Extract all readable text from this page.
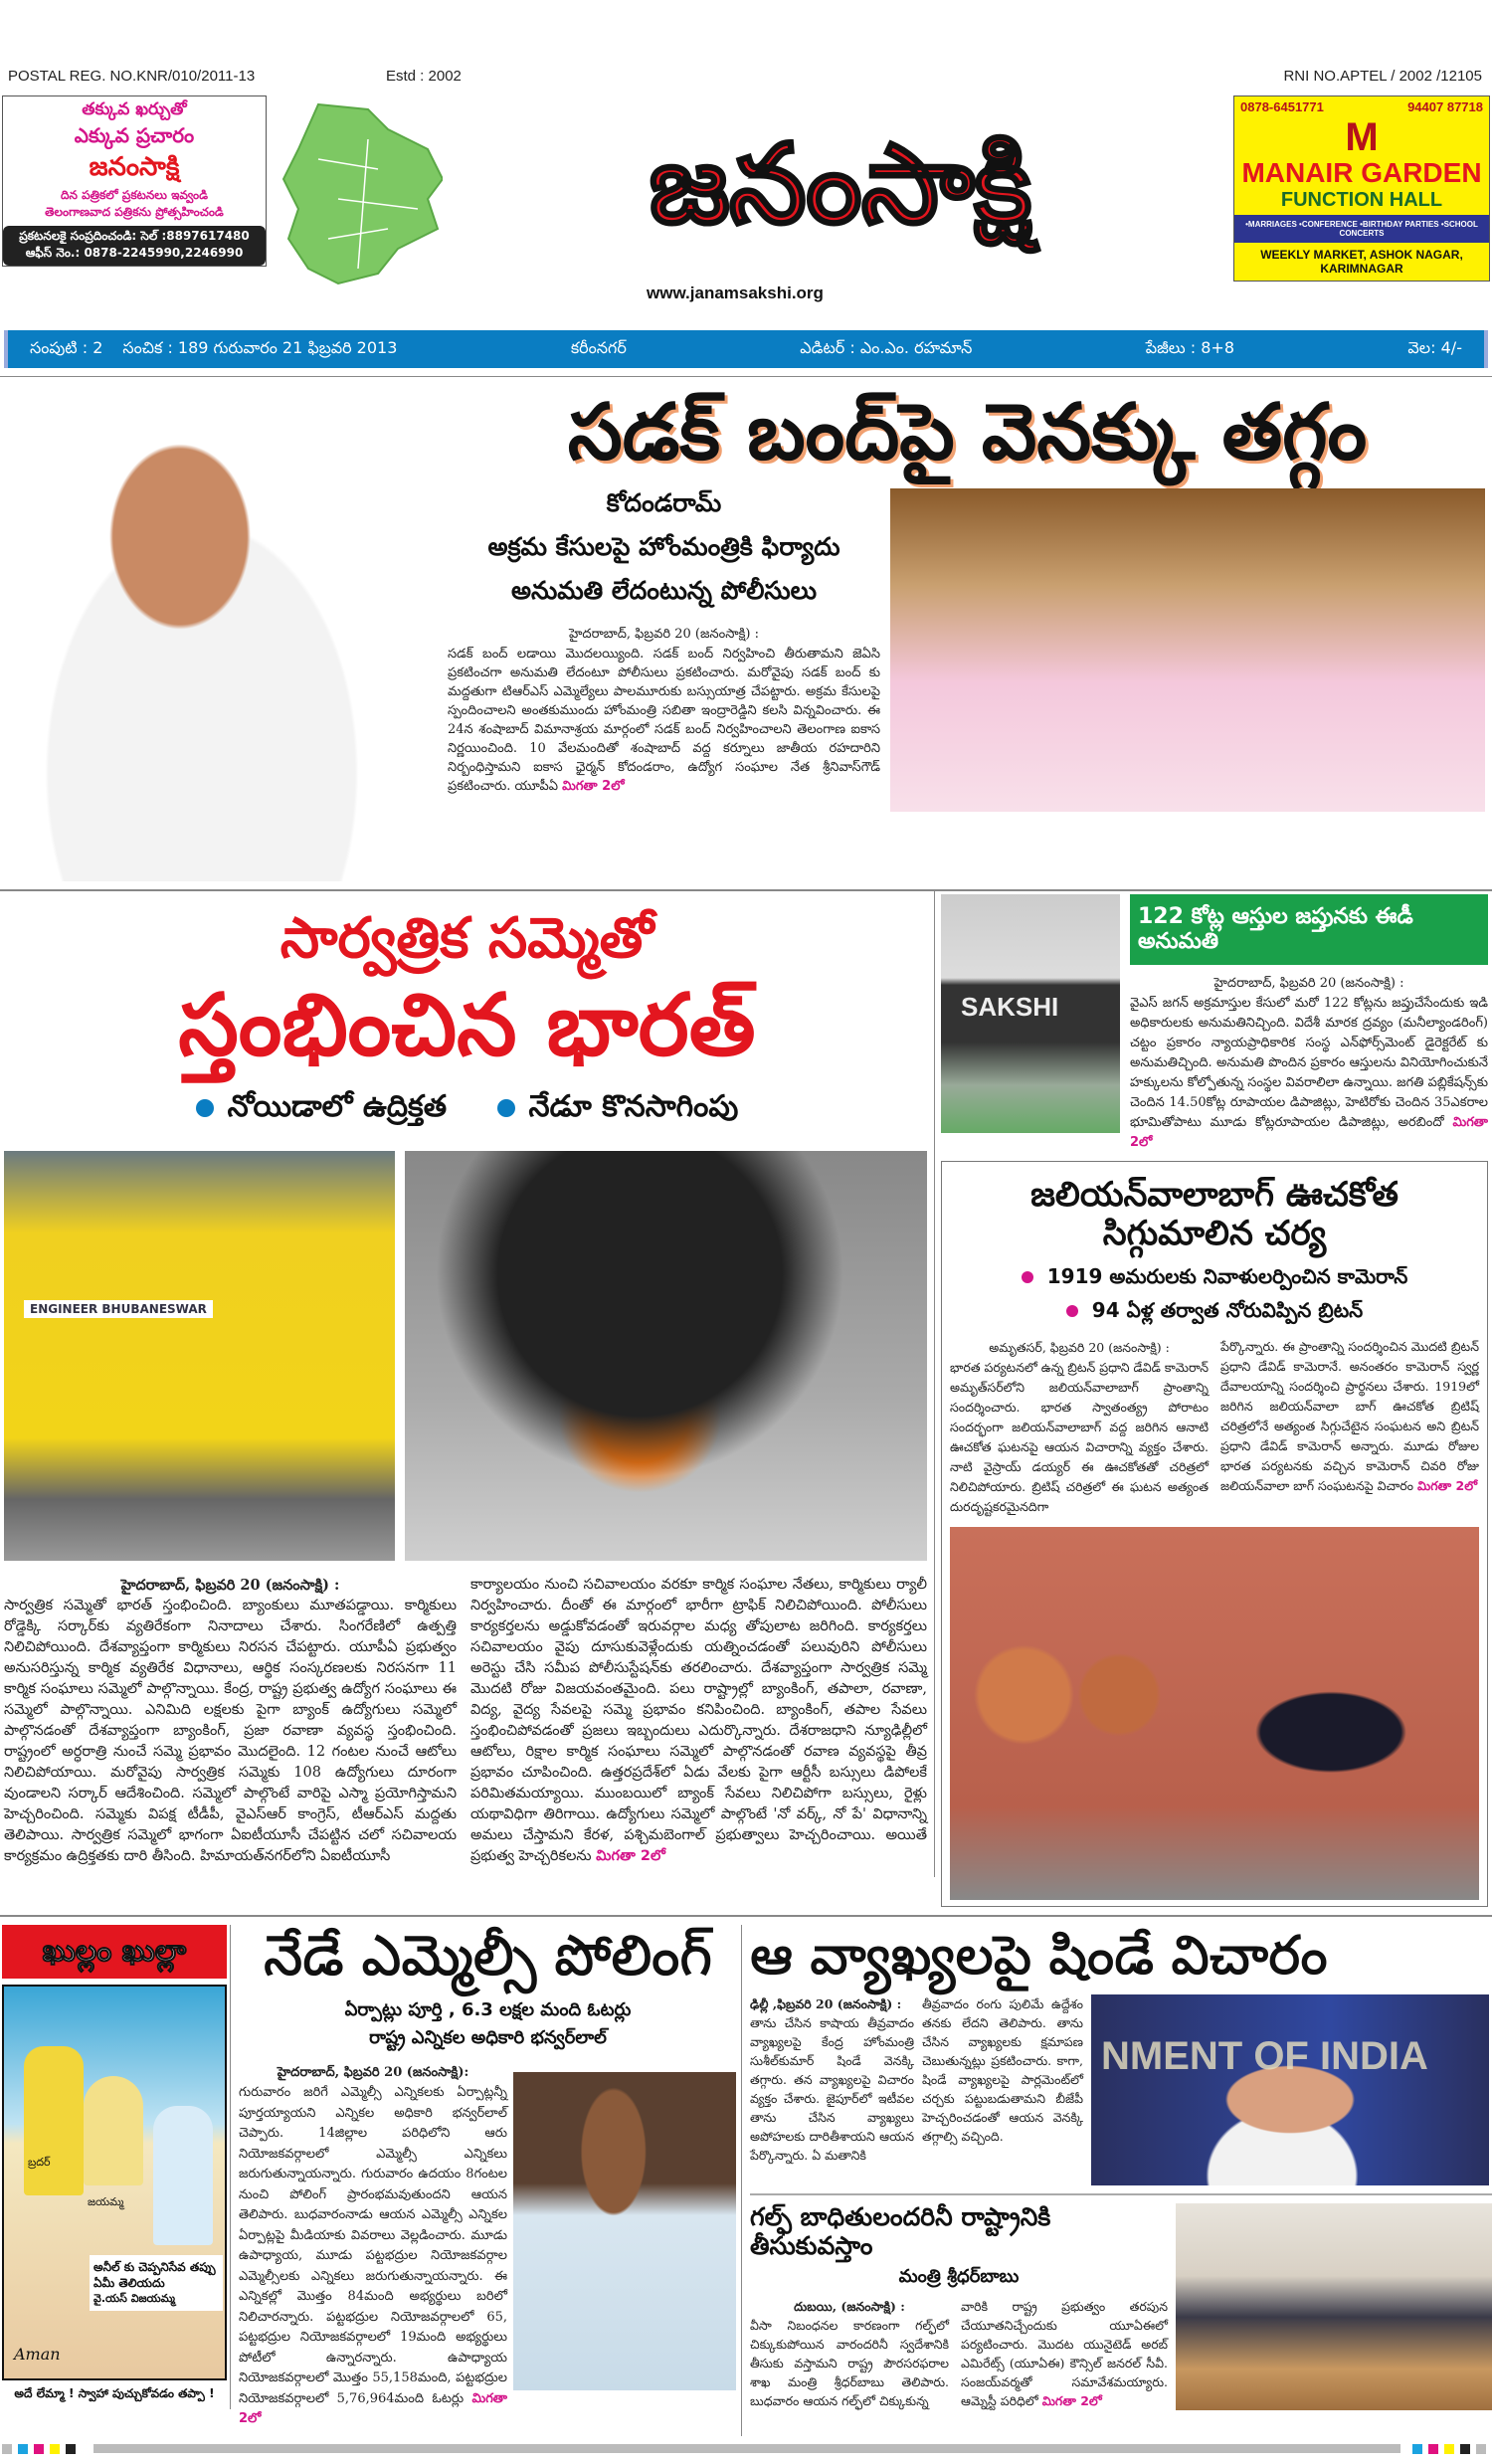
POSTAL REG. NO.KNR/010/2011-13	Estd : 2002	RNI NO.APTEL / 2002 /12105
తక్కువ ఖర్చుతో
ఎక్కువ ప్రచారం
జనంసాక్షి
దిన పత్రికలో ప్రకటనలు ఇవ్వండి
తెలంగాణవాద పత్రికను ప్రోత్సహించండి
ప్రకటనలకై సంప్రదించండి: సెల్ :8897617480
ఆఫీస్ నెం.: 0878-2245990,2246990
జనంసాక్షి
www.janamsakshi.org
0878-6451771	94407 87718
M
MANAIR GARDEN
FUNCTION HALL
•MARRIAGES •CONFERENCE •BIRTHDAY PARTIES •SCHOOL CONCERTS
WEEKLY MARKET, ASHOK NAGAR, KARIMNAGAR
సంపుటి : 2 సంచిక : 189 గురువారం 21 ఫిబ్రవరి 2013	కరీంనగర్	ఎడిటర్ : ఎం.ఎం. రహమాన్	పేజీలు : 8+8	వెల: 4/-
సడక్ బంద్‌పై వెనక్కు తగ్గం
కోదండరామ్
అక్రమ కేసులపై హోంమంత్రికి ఫిర్యాదు
అనుమతి లేదంటున్న పోలీసులు
హైదరాబాద్, ఫిబ్రవరి 20 (జనంసాక్షి) :
సడక్ బంద్ లడాయి మొదలయ్యింది. సడక్ బంద్ నిర్వహించి తీరుతామని జెఏసి ప్రకటించగా అనుమతి లేదంటూ పోలీసులు ప్రకటించారు. మరోవైపు సడక్ బంద్ కు మద్దతుగా టిఆర్ఎస్ ఎమ్మెల్యేలు పాలమూరుకు బస్సుయాత్ర చేపట్టారు. అక్రమ కేసులపై స్పందించాలని అంతకుముందు హోంమంత్రి సబితా ఇంద్రారెడ్డిని కలసి విన్నవించారు. ఈ 24న శంషాబాద్ విమానాశ్రయ మార్గంలో సడక్ బంద్ నిర్వహించాలని తెలంగాణ ఐకాస నిర్ణయించింది. 10 వేలమందితో శంషాబాద్ వద్ద కర్నూలు జాతీయ రహదారిని నిర్బంధిస్తామని ఐకాస ఛైర్మన్ కోదండరాం, ఉద్యోగ సంఘాల నేత శ్రీనివాస్‌గౌడ్ ప్రకటించారు. యూపీఏ మిగతా 2లో
సార్వత్రిక సమ్మెతో
స్తంభించిన భారత్
నోయిడాలో ఉద్రిక్తత	నేడూ కొనసాగింపు
ENGINEER BHUBANESWAR
హైదరాబాద్, ఫిబ్రవరి 20 (జనంసాక్షి) :
సార్వత్రిక సమ్మెతో భారత్ స్తంభించింది. బ్యాంకులు మూతపడ్డాయి. కార్మికులు రోడ్డెక్కి సర్కార్‌కు వ్యతిరేకంగా నినాదాలు చేశారు. సింగరేణిలో ఉత్పత్తి నిలిచిపోయింది. దేశవ్యాప్తంగా కార్మికులు నిరసన చేపట్టారు. యూపీఏ ప్రభుత్వం అనుసరిస్తున్న కార్మిక వ్యతిరేక విధానాలు, ఆర్థిక సంస్కరణలకు నిరసనగా 11 కార్మిక సంఘాలు సమ్మెలో పాల్గొన్నాయి. కేంద్ర, రాష్ట్ర ప్రభుత్వ ఉద్యోగ సంఘాలు ఈ సమ్మెలో పాల్గొన్నాయి. ఎనిమిది లక్షలకు పైగా బ్యాంక్ ఉద్యోగులు సమ్మెలో పాల్గొనడంతో దేశవ్యాప్తంగా బ్యాంకింగ్, ప్రజా రవాణా వ్యవస్థ స్తంభించింది. రాష్ట్రంలో అర్ధరాత్రి నుంచే సమ్మె ప్రభావం మొదలైంది. 12 గంటల నుంచే ఆటోలు నిలిచిపోయాయి. మరోవైపు సార్వత్రిక సమ్మెకు 108 ఉద్యోగులు దూరంగా వుండాలని సర్కార్ ఆదేశించింది. సమ్మెలో పాల్గొంటే వారిపై ఎస్మా ప్రయోగిస్తామని హెచ్చరించింది. సమ్మెకు విపక్ష టీడీపీ, వైఎస్ఆర్ కాంగ్రెస్, టీఆర్ఎస్ మద్దతు తెలిపాయి. సార్వత్రిక సమ్మెలో భాగంగా ఏఐటీయూసీ చేపట్టిన చలో సచివాలయ కార్యక్రమం ఉద్రిక్తతకు దారి తీసింది. హిమాయత్‌నగర్‌లోని ఏఐటీయూసీ
కార్యాలయం నుంచి సచివాలయం వరకూ కార్మిక సంఘాల నేతలు, కార్మికులు ర్యాలీ నిర్వహించారు. దీంతో ఈ మార్గంలో భారీగా ట్రాఫిక్ నిలిచిపోయింది. పోలీసులు కార్యకర్తలను అడ్డుకోవడంతో ఇరువర్గాల మధ్య తోపులాట జరిగింది. కార్యకర్తలు సచివాలయం వైపు దూసుకువెళ్లేందుకు యత్నించడంతో పలువురిని పోలీసులు అరెస్టు చేసి సమీప పోలీసుస్టేషన్‌కు తరలించారు. దేశవ్యాప్తంగా సార్వత్రిక సమ్మె మొదటి రోజు విజయవంతమైంది. పలు రాష్ట్రాల్లో బ్యాంకింగ్, తపాలా, రవాణా, విద్య, వైద్య సేవలపై సమ్మె ప్రభావం కనిపించింది. బ్యాంకింగ్, తపాల సేవలు స్తంభించిపోవడంతో ప్రజలు ఇబ్బందులు ఎదుర్కొన్నారు. దేశరాజధాని న్యూఢిల్లీలో ఆటోలు, రిక్షాల కార్మిక సంఘాలు సమ్మెలో పాల్గొనడంతో రవాణ వ్యవస్థపై తీవ్ర ప్రభావం చూపించింది. ఉత్తరప్రదేశ్‌లో ఏడు వేలకు పైగా ఆర్టీసీ బస్సులు డిపోలకే పరిమితమయ్యాయి. ముంబయిలో బ్యాంక్ సేవలు నిలిచిపోగా బస్సులు, రైళ్లు యథావిధిగా తిరిగాయి. ఉద్యోగులు సమ్మెలో పాల్గొంటే 'నో వర్క్, నో పే' విధానాన్ని అమలు చేస్తామని కేరళ, పశ్చిమబెంగాల్ ప్రభుత్వాలు హెచ్చరించాయి. అయితే ప్రభుత్వ హెచ్చరికలను మిగతా 2లో
SAKSHI
122 కోట్ల ఆస్తుల జప్తునకు ఈడీ అనుమతి
హైదరాబాద్, ఫిబ్రవరి 20 (జనంసాక్షి) :
వైఎస్ జగన్ అక్రమాస్తుల కేసులో మరో 122 కోట్లను జప్తుచేసేందుకు ఇడి అధికారులకు అనుమతినిచ్చింది. విదేశీ మారక ద్రవ్యం (మనీల్యాండరింగ్) చట్టం ప్రకారం న్యాయప్రాధికారిక సంస్థ ఎన్‌ఫోర్స్‌మెంట్ డైరెక్టరేట్ కు అనుమతిచ్చింది. అనుమతి పొందిన ప్రకారం ఆస్తులను వినియోగించుకునే హక్కులను కోల్పోతున్న సంస్థల వివరాలిలా ఉన్నాయి. జగతి పబ్లికేషన్స్‌కు చెందిన 14.50కోట్ల రూపాయల డిపాజిట్లు, హెటిరోకు చెందిన 35ఎకరాల భూమితోపాటు మూడు కోట్లరూపాయల డిపాజిట్లు, అరబిందో మిగతా 2లో
జలియన్‌వాలాబాగ్ ఊచకోత సిగ్గుమాలిన చర్య
1919 అమరులకు నివాళులర్పించిన కామెరాన్
94 ఏళ్ల తర్వాత నోరువిప్పిన బ్రిటన్
అమృతసర్, ఫిబ్రవరి 20 (జనంసాక్షి) :
భారత పర్యటనలో ఉన్న బ్రిటన్ ప్రధాని డేవిడ్ కామెరాన్ అమృత్‌సర్‌లోని జలియన్‌వాలాబాగ్ ప్రాంతాన్ని సందర్శించారు. భారత స్వాతంత్య్ర పోరాటం సందర్భంగా జలియన్‌వాలాబాగ్ వద్ద జరిగిన ఆనాటి ఊచకోత ఘటనపై ఆయన విచారాన్ని వ్యక్తం చేశారు. నాటి వైస్రాయ్ డయ్యర్ ఈ ఊచకోతతో చరిత్రలో నిలిచిపోయారు. బ్రిటిష్ చరిత్రలో ఈ ఘటన అత్యంత దురదృష్టకరమైనదిగా
పేర్కొన్నారు. ఈ ప్రాంతాన్ని సందర్శించిన మొదటి బ్రిటన్ ప్రధాని డేవిడ్ కామెరానే. అనంతరం కామెరాన్ స్వర్ణ దేవాలయాన్ని సందర్శించి ప్రార్థనలు చేశారు. 1919లో జరిగిన జలియన్‌వాలా బాగ్ ఊచకోత బ్రిటిష్ చరిత్రలోనే అత్యంత సిగ్గుచేటైన సంఘటన అని బ్రిటన్ ప్రధాని డేవిడ్ కామెరాన్ అన్నారు. మూడు రోజుల భారత పర్యటనకు వచ్చిన కామెరాన్ చివరి రోజు జలియన్‌వాలా బాగ్ సంఘటనపై విచారం మిగతా 2లో
ఖుల్లం ఖుల్లా
బ్రదర్
జయమ్మ
అనీల్ కు చెప్పనిసేవ తప్పు ఏమీ తెలియదు
వై.యస్ విజయమ్మ
Aman
అదే లేమ్మా ! స్వాహా పుచ్చుకోవడం తప్పా !
నేడే ఎమ్మెల్సీ పోలింగ్
ఏర్పాట్లు పూర్తి , 6.3 లక్షల మంది ఓటర్లు
రాష్ట్ర ఎన్నికల అధికారి భన్వర్‌లాల్
హైదరాబాద్, ఫిబ్రవరి 20 (జనంసాక్షి):
గురువారం జరిగే ఎమ్మెల్సీ ఎన్నికలకు ఏర్పాట్లన్నీ పూర్తయ్యాయని ఎన్నికల అధికారి భన్వర్‌లాల్ చెప్పారు. 14జిల్లాల పరిధిలోని ఆరు నియోజకవర్గాలలో ఎమ్మెల్సీ ఎన్నికలు జరుగుతున్నాయన్నారు. గురువారం ఉదయం 8గంటల నుంచి పోలింగ్ ప్రారంభమవుతుందని ఆయన తెలిపారు. బుధవారంనాడు ఆయన ఎమ్మెల్సీ ఎన్నికల ఏర్పాట్లపై మీడియాకు వివరాలు వెల్లడించారు. మూడు ఉపాధ్యాయ, మూడు పట్టభద్రుల నియోజకవర్గాల ఎమ్మెల్సీలకు ఎన్నికలు జరుగుతున్నాయన్నారు. ఈ ఎన్నికల్లో మొత్తం 84మంది అభ్యర్థులు బరిలో నిలిచారన్నారు. పట్టభద్రుల నియోజవర్గాలలో 65, పట్టభద్రుల నియోజకవర్గాలలో 19మంది అభ్యర్థులు పోటీలో ఉన్నారన్నారు. ఉపాధ్యాయ నియోజకవర్గాలలో మొత్తం 55,158మంది, పట్టభద్రుల నియోజకవర్గాలలో 5,76,964మంది ఓటర్లు మిగతా 2లో
ఆ వ్యాఖ్యలపై షిండే విచారం
ఢిల్లీ ,ఫిబ్రవరి 20 (జనంసాక్షి) :
తాను చేసిన కాషాయ తీవ్రవాదం వ్యాఖ్యలపై కేంద్ర హోంమంత్రి సుశీల్‌కుమార్ షిండే వెనక్కి తగ్గారు. తన వ్యాఖ్యలపై విచారం వ్యక్తం చేశారు. జైపూర్‌లో ఇటీవల తాను చేసిన వ్యాఖ్యలు అపోహలకు దారితీశాయని ఆయన పేర్కొన్నారు. ఏ మతానికి
తీవ్రవాదం రంగు పులిమే ఉద్దేశం తనకు లేదని తెలిపారు. తాను చేసిన వ్యాఖ్యలకు క్షమాపణ చెబుతున్నట్లు ప్రకటించారు. కాగా, షిండే వ్యాఖ్యలపై పార్లమెంట్‌లో చర్చకు పట్టుబడుతామని బీజేపీ హెచ్చరించడంతో ఆయన వెనక్కి తగ్గాల్సి వచ్చింది.
NMENT OF INDIA
గల్ఫ్ బాధితులందరినీ రాష్ట్రానికి తీసుకువస్తాం
మంత్రి శ్రీధర్‌బాబు
దుబయి, (జనంసాక్షి) :
వీసా నిబంధనల కారణంగా గల్ఫ్‌లో చిక్కుకుపోయిన వారందరినీ స్వదేశానికి తీసుకు వస్తామని రాష్ట్ర పౌరసరఫరాల శాఖ మంత్రి శ్రీధర్‌బాబు తెలిపారు. బుధవారం ఆయన గల్ఫ్‌లో చిక్కుకున్న
వారికి రాష్ట్ర ప్రభుత్వం తరపున చేయూతనిచ్చేందుకు యూఏఈలో పర్యటించారు. మొదట యునైటెడ్ అరబ్ ఎమిరేట్స్ (యూఏఈ) కౌన్సిల్ జనరల్ సీవీ. సంజయ్‌వర్మతో సమావేశమయ్యారు. ఆమ్నెస్టీ పరిధిలో మిగతా 2లో
